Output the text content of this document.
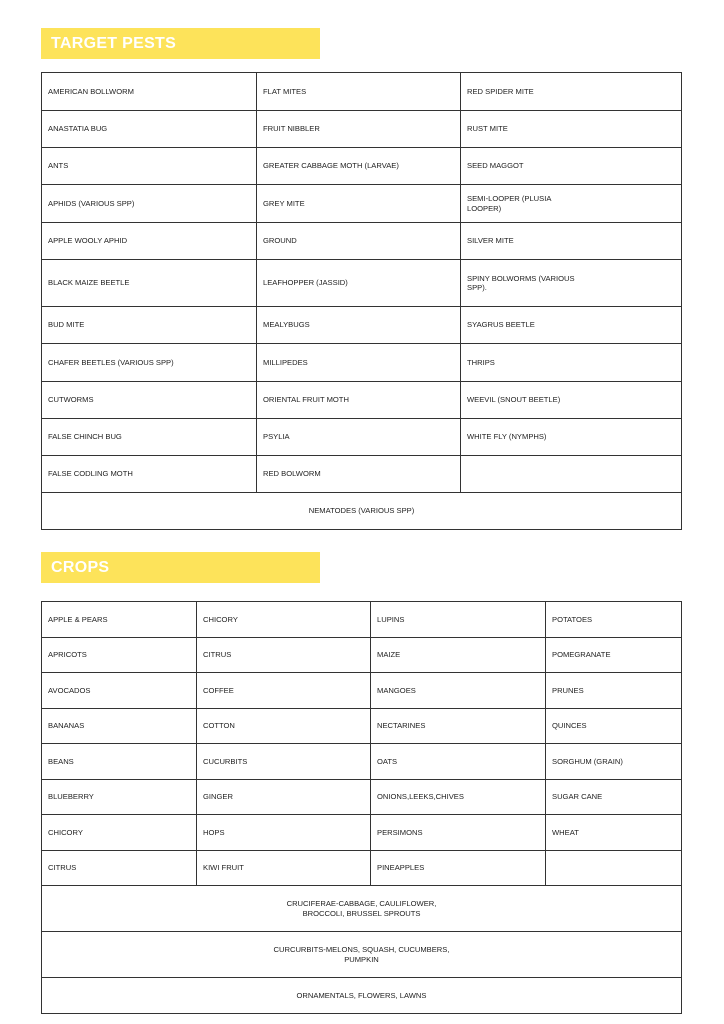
TARGET PESTS
AMERICAN BOLLWORM	FLAT MITES	RED SPIDER MITE
ANASTATIA BUG	FRUIT NIBBLER	RUST MITE
ANTS	GREATER CABBAGE MOTH (LARVAE)	SEED MAGGOT
APHIDS (VARIOUS SPP)	GREY MITE	SEMI-LOOPER (PLUSIA LOOPER)
APPLE WOOLY APHID	GROUND	SILVER MITE
BLACK MAIZE BEETLE	LEAFHOPPER (JASSID)	SPINY BOLWORMS (VARIOUS SPP).
BUD MITE	MEALYBUGS	SYAGRUS BEETLE
CHAFER BEETLES (VARIOUS SPP)	MILLIPEDES	THRIPS
CUTWORMS	ORIENTAL FRUIT MOTH	WEEVIL (SNOUT BEETLE)
FALSE CHINCH BUG	PSYLIA	WHITE FLY (NYMPHS)
FALSE CODLING MOTH	RED BOLWORM	
NEMATODES (VARIOUS SPP)		
CROPS
APPLE & PEARS	CHICORY	LUPINS	POTATOES
APRICOTS	CITRUS	MAIZE	POMEGRANATE
AVOCADOS	COFFEE	MANGOES	PRUNES
BANANAS	COTTON	NECTARINES	QUINCES
BEANS	CUCURBITS	OATS	SORGHUM (GRAIN)
BLUEBERRY	GINGER	ONIONS,LEEKS,CHIVES	SUGAR CANE
CHICORY	HOPS	PERSIMONS	WHEAT
CITRUS	KIWI FRUIT	PINEAPPLES	

CRUCIFERAE-CABBAGE, CAULIFLOWER, BROCCOLI, BRUSSEL SPROUTS			

CURCURBITS-MELONS, SQUASH, CUCUMBERS, PUMPKIN			

ORNAMENTALS, FLOWERS, LAWNS			
